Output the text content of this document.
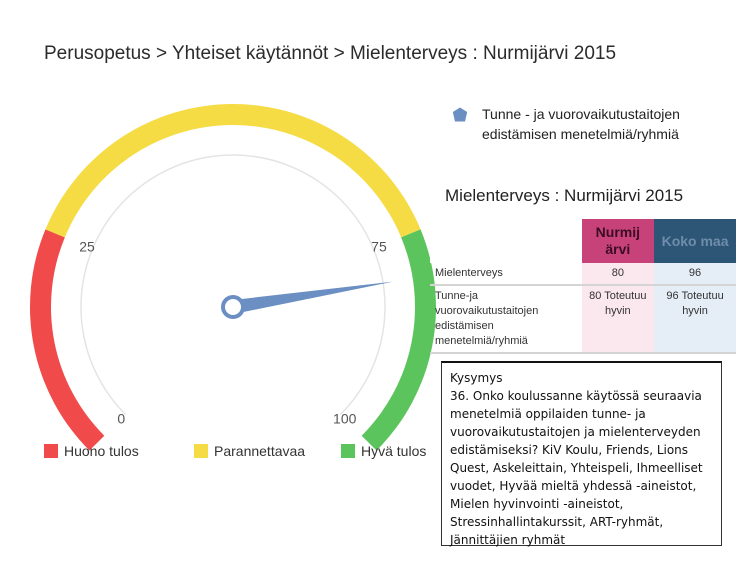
Perusopetus > Yhteiset käytännöt > Mielenterveys : Nurmijärvi 2015
0
25	75
100
Huono tulos	Parannettavaa	Hyvä tulos
Tunne - ja vuorovaikutustaitojen edistämisen menetelmiä/ryhmiä
Mielenterveys : Nurmijärvi 2015
	Nurmij ärvi	Koko maa
Mielenterveys	80	96
Tunne-ja vuorovaikutustaitojen edistämisen menetelmiä/ryhmiä	80 Toteutuu hyvin	96 Toteutuu hyvin
Kysymys
36. Onko koulussanne käytössä seuraavia menetelmiä oppilaiden tunne- ja vuorovaikutustaitojen ja mielenterveyden edistämiseksi? KiV Koulu, Friends, Lions Quest, Askeleittain, Yhteispeli, Ihmeelliset vuodet, Hyvää mieltä yhdessä -aineistot, Mielen hyvinvointi -aineistot, Stressinhallintakurssit, ART-ryhmät, Jännittäjien ryhmät
